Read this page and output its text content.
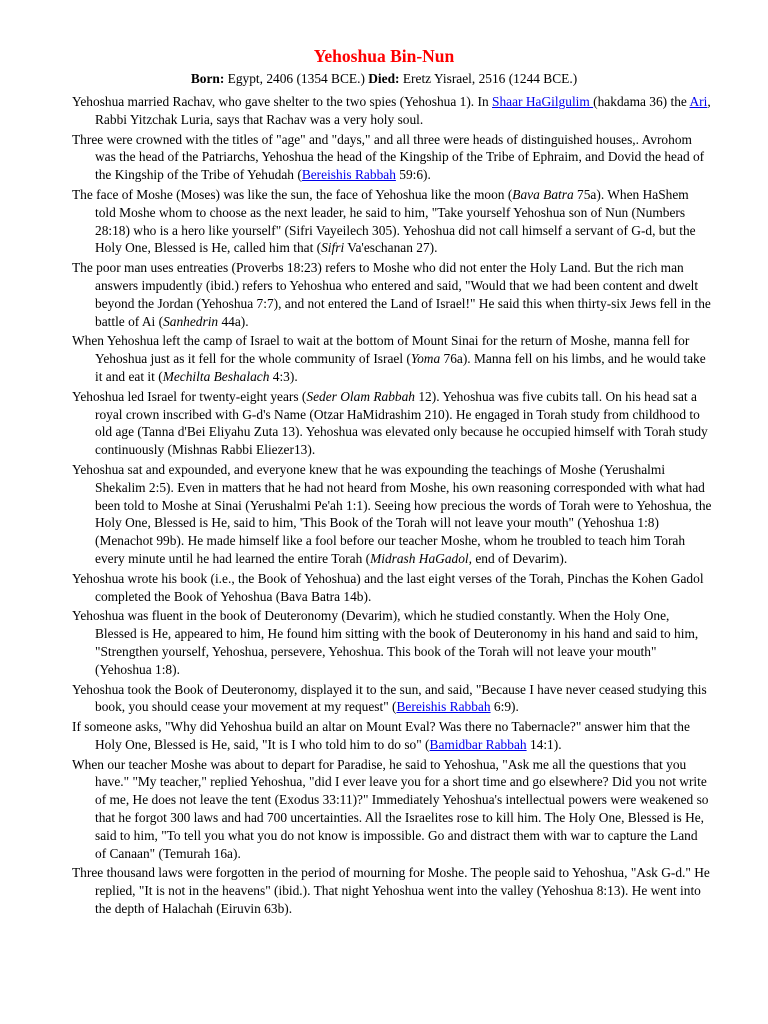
Yehoshua Bin-Nun
Born: Egypt, 2406 (1354 BCE.) Died: Eretz Yisrael, 2516 (1244 BCE.)

Yehoshua married Rachav, who gave shelter to the two spies (Yehoshua 1). In Shaar HaGilgulim (hakdama 36) the Ari, Rabbi Yitzchak Luria, says that Rachav was a very holy soul.

Three were crowned with the titles of "age" and "days," and all three were heads of distinguished houses,. Avrohom was the head of the Patriarchs, Yehoshua the head of the Kingship of the Tribe of Ephraim, and Dovid the head of the Kingship of the Tribe of Yehudah (Bereishis Rabbah 59:6).

The face of Moshe (Moses) was like the sun, the face of Yehoshua like the moon (Bava Batra 75a). When HaShem told Moshe whom to choose as the next leader, he said to him, "Take yourself Yehoshua son of Nun (Numbers 28:18) who is a hero like yourself" (Sifri Vayeilech 305). Yehoshua did not call himself a servant of G-d, but the Holy One, Blessed is He, called him that (Sifri Va'eschanan 27).

The poor man uses entreaties (Proverbs 18:23) refers to Moshe who did not enter the Holy Land. But the rich man answers impudently (ibid.) refers to Yehoshua who entered and said, "Would that we had been content and dwelt beyond the Jordan (Yehoshua 7:7), and not entered the Land of Israel!" He said this when thirty-six Jews fell in the battle of Ai (Sanhedrin 44a).

When Yehoshua left the camp of Israel to wait at the bottom of Mount Sinai for the return of Moshe, manna fell for Yehoshua just as it fell for the whole community of Israel (Yoma 76a). Manna fell on his limbs, and he would take it and eat it (Mechilta Beshalach 4:3).

Yehoshua led Israel for twenty-eight years (Seder Olam Rabbah 12). Yehoshua was five cubits tall. On his head sat a royal crown inscribed with G-d's Name (Otzar HaMidrashim 210). He engaged in Torah study from childhood to old age (Tanna d'Bei Eliyahu Zuta 13). Yehoshua was elevated only because he occupied himself with Torah study continuously (Mishnas Rabbi Eliezer13).

Yehoshua sat and expounded, and everyone knew that he was expounding the teachings of Moshe (Yerushalmi Shekalim 2:5). Even in matters that he had not heard from Moshe, his own reasoning corresponded with what had been told to Moshe at Sinai (Yerushalmi Pe'ah 1:1). Seeing how precious the words of Torah were to Yehoshua, the Holy One, Blessed is He, said to him, 'This Book of the Torah will not leave your mouth" (Yehoshua 1:8) (Menachot 99b). He made himself like a fool before our teacher Moshe, whom he troubled to teach him Torah every minute until he had learned the entire Torah (Midrash HaGadol, end of Devarim).

Yehoshua wrote his book (i.e., the Book of Yehoshua) and the last eight verses of the Torah, Pinchas the Kohen Gadol completed the Book of Yehoshua (Bava Batra 14b).

Yehoshua was fluent in the book of Deuteronomy (Devarim), which he studied constantly. When the Holy One, Blessed is He, appeared to him, He found him sitting with the book of Deuteronomy in his hand and said to him, "Strengthen yourself, Yehoshua, persevere, Yehoshua. This book of the Torah will not leave your mouth" (Yehoshua 1:8).

Yehoshua took the Book of Deuteronomy, displayed it to the sun, and said, "Because I have never ceased studying this book, you should cease your movement at my request" (Bereishis Rabbah 6:9).

If someone asks, "Why did Yehoshua build an altar on Mount Eval? Was there no Tabernacle?" answer him that the Holy One, Blessed is He, said, "It is I who told him to do so" (Bamidbar Rabbah 14:1).

When our teacher Moshe was about to depart for Paradise, he said to Yehoshua, "Ask me all the questions that you have." "My teacher," replied Yehoshua, "did I ever leave you for a short time and go elsewhere? Did you not write of me, He does not leave the tent (Exodus 33:11)?" Immediately Yehoshua's intellectual powers were weakened so that he forgot 300 laws and had 700 uncertainties. All the Israelites rose to kill him. The Holy One, Blessed is He, said to him, "To tell you what you do not know is impossible. Go and distract them with war to capture the Land of Canaan" (Temurah 16a).

Three thousand laws were forgotten in the period of mourning for Moshe. The people said to Yehoshua, "Ask G-d." He replied, "It is not in the heavens" (ibid.). That night Yehoshua went into the valley (Yehoshua 8:13). He went into the depth of Halachah (Eiruvin 63b).
